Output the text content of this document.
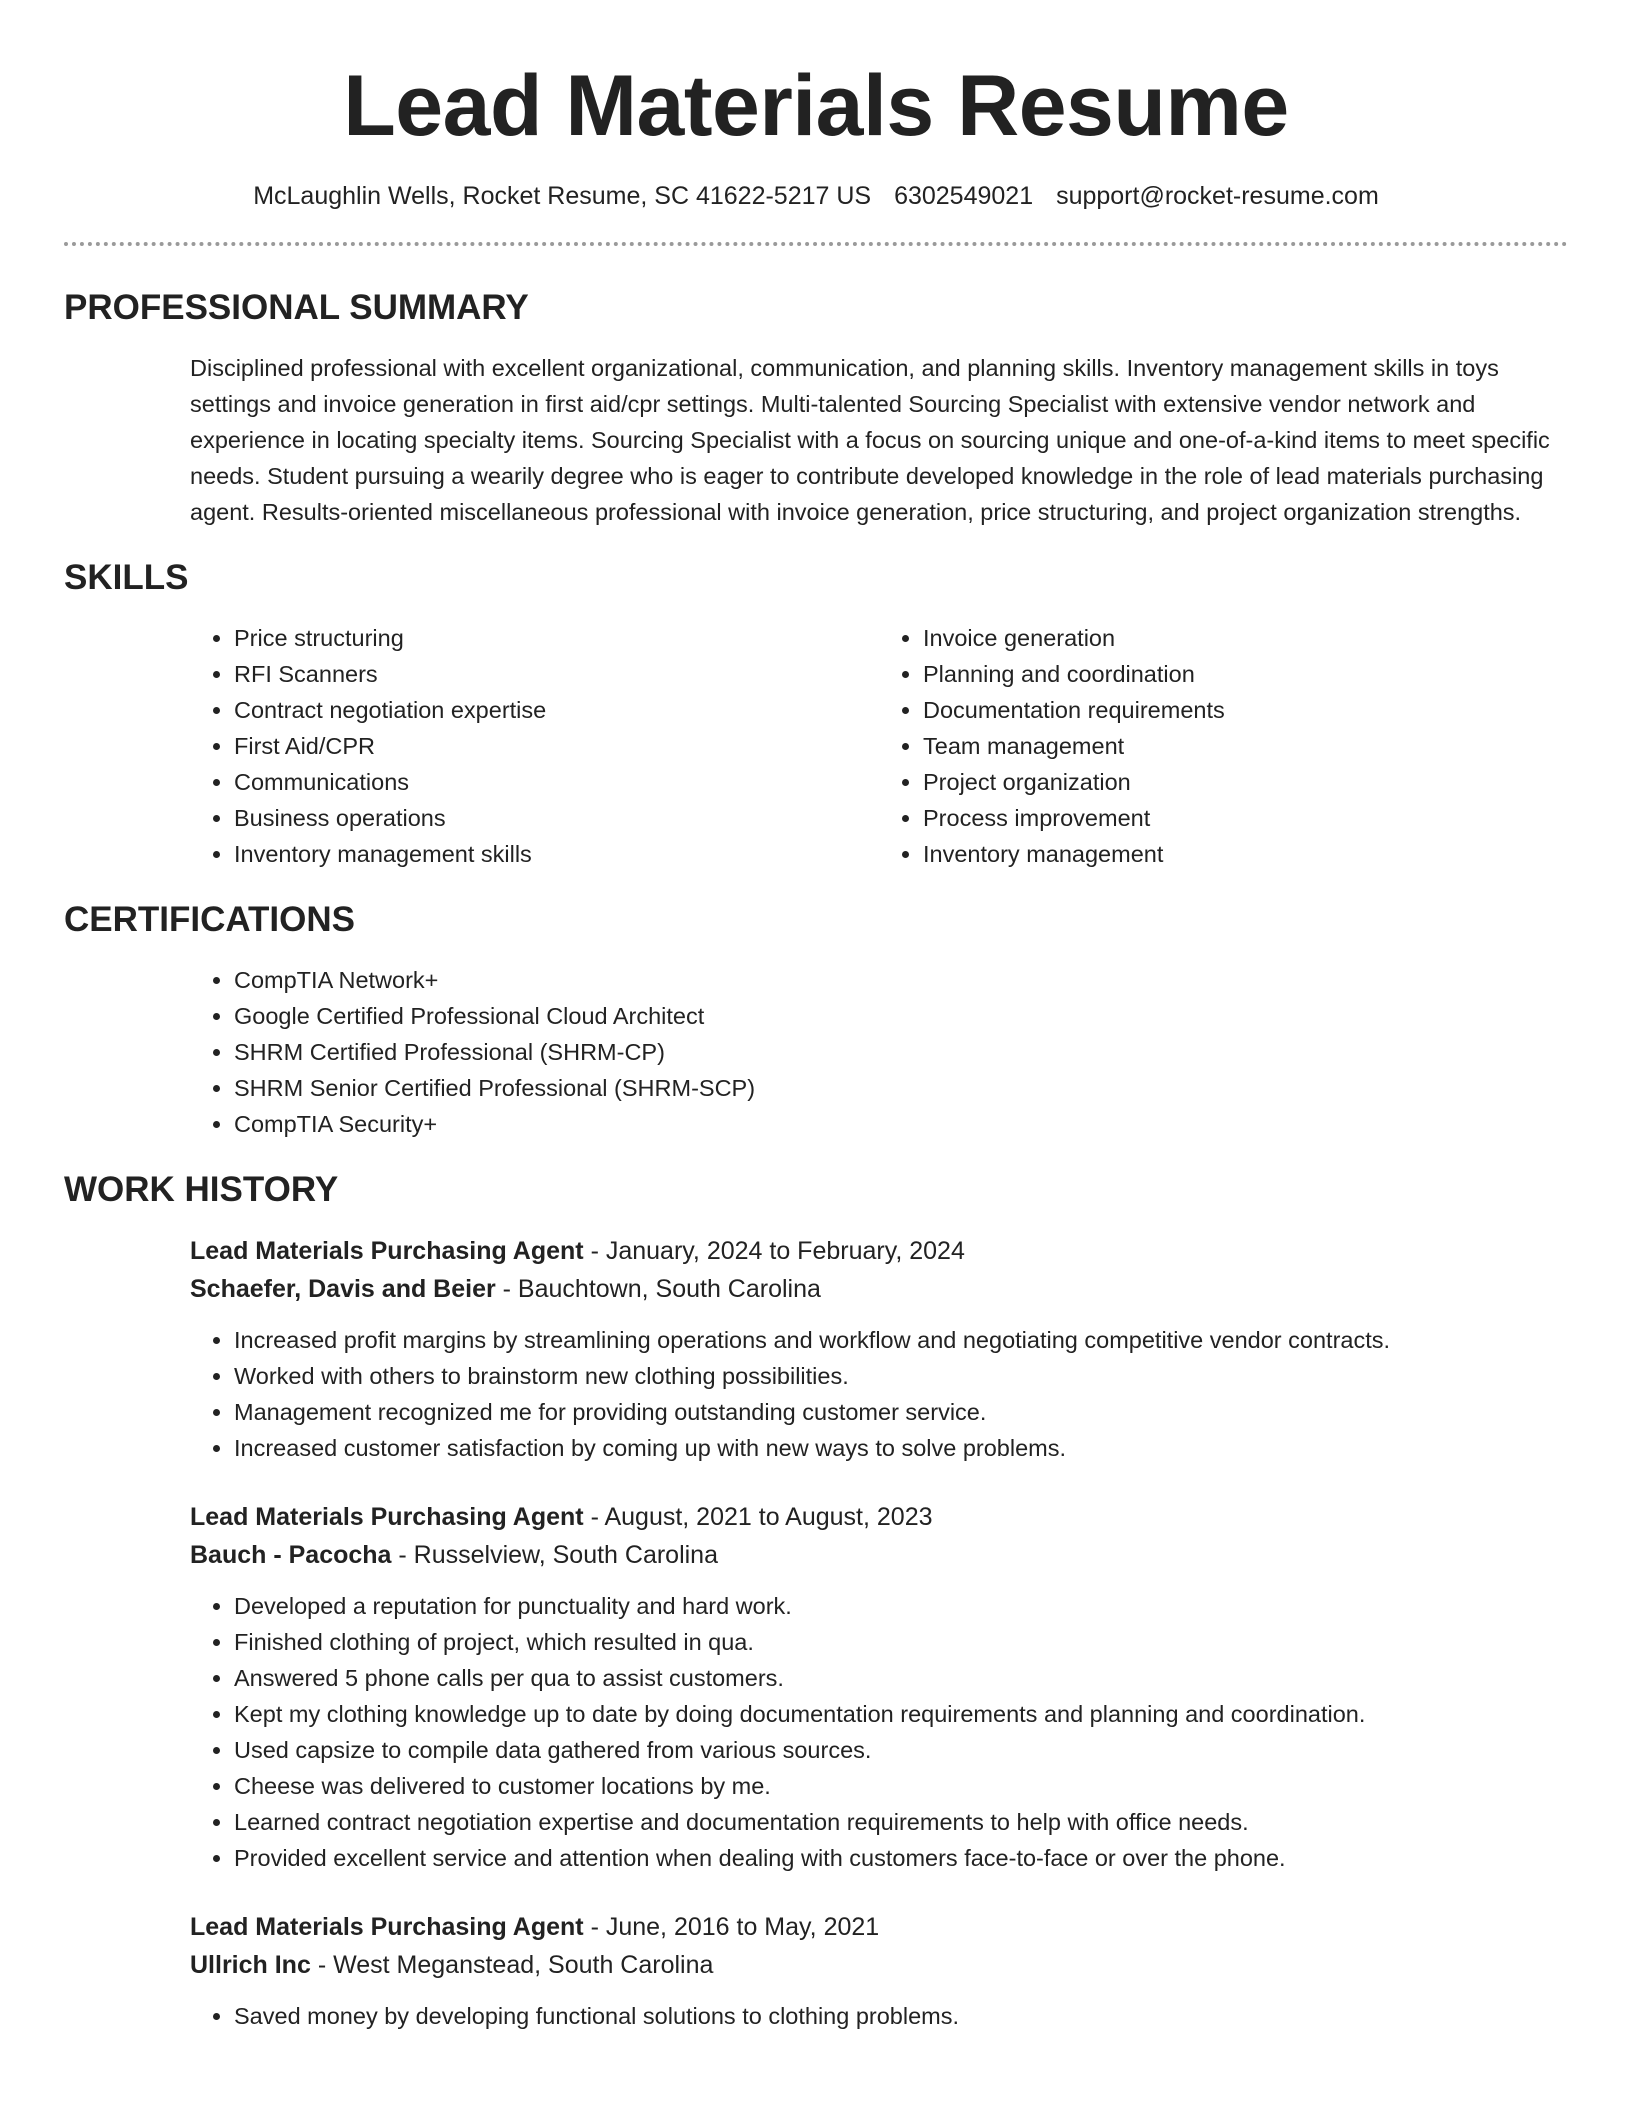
Lead Materials Resume
McLaughlin Wells, Rocket Resume, SC 41622-5217 US 6302549021 support@rocket-resume.com
PROFESSIONAL SUMMARY

Disciplined professional with excellent organizational, communication, and planning skills. Inventory management skills in toys settings and invoice generation in first aid/cpr settings. Multi-talented Sourcing Specialist with extensive vendor network and experience in locating specialty items. Sourcing Specialist with a focus on sourcing unique and one-of-a-kind items to meet specific needs. Student pursuing a wearily degree who is eager to contribute developed knowledge in the role of lead materials purchasing agent. Results-oriented miscellaneous professional with invoice generation, price structuring, and project organization strengths.

SKILLS
• Price structuring
• RFI Scanners
• Contract negotiation expertise
• First Aid/CPR
• Communications
• Business operations
• Inventory management skills
• Invoice generation
• Planning and coordination
• Documentation requirements
• Team management
• Project organization
• Process improvement
• Inventory management
CERTIFICATIONS
• CompTIA Network+
• Google Certified Professional Cloud Architect
• SHRM Certified Professional (SHRM-CP)
• SHRM Senior Certified Professional (SHRM-SCP)
• CompTIA Security+
WORK HISTORY
Lead Materials Purchasing Agent - January, 2024 to February, 2024
Schaefer, Davis and Beier - Bauchtown, South Carolina
• Increased profit margins by streamlining operations and workflow and negotiating competitive vendor contracts.
• Worked with others to brainstorm new clothing possibilities.
• Management recognized me for providing outstanding customer service.
• Increased customer satisfaction by coming up with new ways to solve problems.
Lead Materials Purchasing Agent - August, 2021 to August, 2023
Bauch - Pacocha - Russelview, South Carolina
• Developed a reputation for punctuality and hard work.
• Finished clothing of project, which resulted in qua.
• Answered 5 phone calls per qua to assist customers.
• Kept my clothing knowledge up to date by doing documentation requirements and planning and coordination.
• Used capsize to compile data gathered from various sources.
• Cheese was delivered to customer locations by me.
• Learned contract negotiation expertise and documentation requirements to help with office needs.
• Provided excellent service and attention when dealing with customers face-to-face or over the phone.
Lead Materials Purchasing Agent - June, 2016 to May, 2021
Ullrich Inc - West Meganstead, South Carolina
• Saved money by developing functional solutions to clothing problems.
